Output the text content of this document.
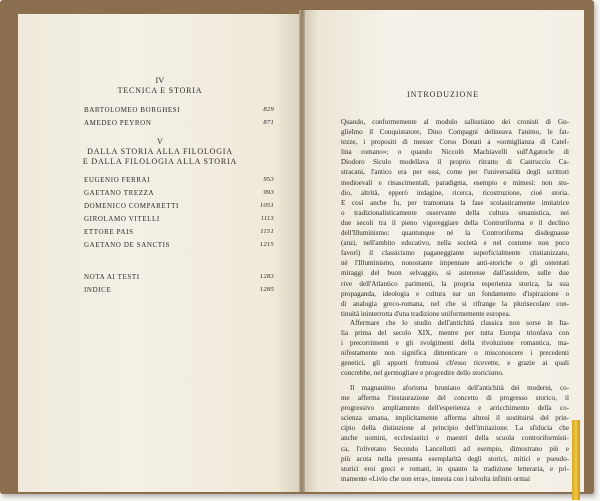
IV
TECNICA E STORIA
BARTOLOMEO BORGHESI	829
AMEDEO PEYRON	871
V
DALLA STORIA ALLA FILOLOGIA
E DALLA FILOLOGIA ALLA STORIA
EUGENIO FERRAI	953
GAETANO TREZZA	993
DOMENICO COMPARETTI	1051
GIROLAMO VITELLI	1113
ETTORE PAIS	1151
GAETANO DE SANCTIS	1215
NOTA AI TESTI	1283
INDICE	1285
INTRODUZIONE
Quando, conformemente al modulo sallustiano dei cronisti di Gu-
glielmo il Conquistatore, Dino Compagni delineava l'animo, le fat-
tezze, i propositi di messer Corso Donati a «somiglianza di Catel-
lina romano»; o quando Niccolò Machiavelli sull'Agatocle di
Diodoro Siculo modellava il proprio ritratto di Castruccio Ca-
stracani, l'antico era per essi, come per l'universalità degli scrittori
medioevali e rinascimentali, paradigma, esempio e mimesi: non stu-
dio, altrità, epperò indagine, ricerca, ricostruzione, cioè storia.
E così anche fu, per tramontata la fase scolasticamente imitatrice
o tradizionalisticamente osservante della cultura umanistica, nei
due secoli tra il pieno vigoreggiare della Controriforma e il declino
dell'Illuminismo: quantunque né la Controriforma disdegnasse
(anzi, nell'ambito educativo, nella società e nel costume non poco
favorì) il classicismo paganeggiante superficialmente cristianizzato,
né l'Illuminismo, nonostante impennate anti-storiche o gli ostentati
miraggi del buon selvaggio, si astenesse dall'assidere, sulle due
rive dell'Atlantico parimenti, la propria esperienza storica, la sua
propaganda, ideologia e cultura sur un fondamento d'ispirazione o
di analogia greco-romana, nel che si rifrange la plurisecolare con-
tinuità ininterrotta d'una tradizione uniformemente europea.
Affermare che lo studio dell'antichità classica non sorse in Ita-
lia prima del secolo XIX, mentre per tutta Europa trionfava con
i precorrimenti e gli svolgimenti della rivoluzione romantica, ma-
nifestamente non significa dimenticare o misconoscere i precedenti
genetici, gli apporti fruttuosi ch'esso ricevette, e grazie ai quali
concrebbe, nel germogliare e progredire dello storicismo.
Il magnanimo aforisma bruniano dell'antichità dei moderni, co-
me afferma l'instaurazione del concetto di progresso storico, il
progressivo ampliamento dell'esperienza e arricchimento della co-
scienza umana, implicitamente afferma altresì il sostituirsi del prin-
cipio della distinzione al principio dell'imitazione. La sfiducia che
anche uomini, ecclesiastici e maestri della scuola controriformisti-
ca, l'olivetano Secondo Lancellotti ad esempio, dimostrano più e
più acuta nella presunta esemplarità degli storici, mitici e pseudo-
storici eroi greci e romani, in quanto la tradizione letteraria, e pri-
mamente «Livio che non erra», innesta con i talvolta infiniti ormai
